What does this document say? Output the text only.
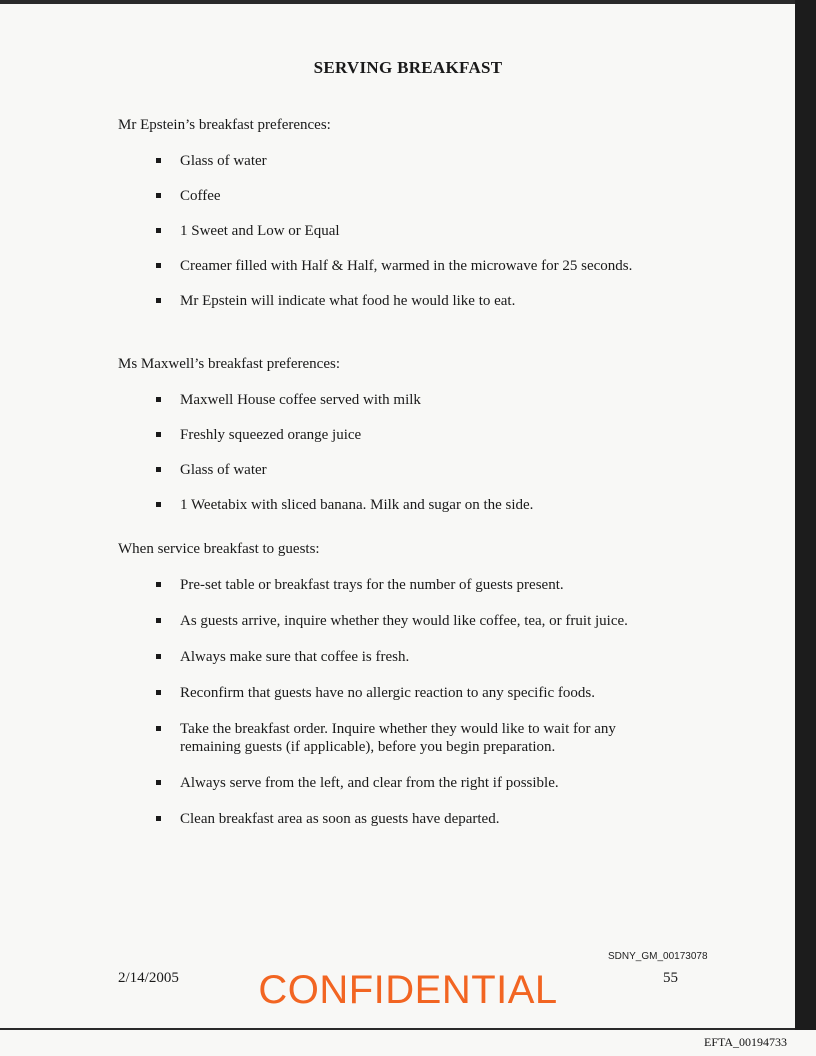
SERVING BREAKFAST

Mr Epstein’s breakfast preferences:

Glass of water
Coffee
1 Sweet and Low or Equal
Creamer filled with Half & Half, warmed in the microwave for 25 seconds.
Mr Epstein will indicate what food he would like to eat.

Ms Maxwell’s breakfast preferences:

Maxwell House coffee served with milk
Freshly squeezed orange juice
Glass of water
1 Weetabix with sliced banana. Milk and sugar on the side.

When service breakfast to guests:

Pre-set table or breakfast trays for the number of guests present.
As guests arrive, inquire whether they would like coffee, tea, or fruit juice.
Always make sure that coffee is fresh.
Reconfirm that guests have no allergic reaction to any specific foods.
Take the breakfast order. Inquire whether they would like to wait for any remaining guests (if applicable), before you begin preparation.
Always serve from the left, and clear from the right if possible.
Clean breakfast area as soon as guests have departed.
2/14/2005	CONFIDENTIAL
SDNY_GM_00173078
55
EFTA_00194733
